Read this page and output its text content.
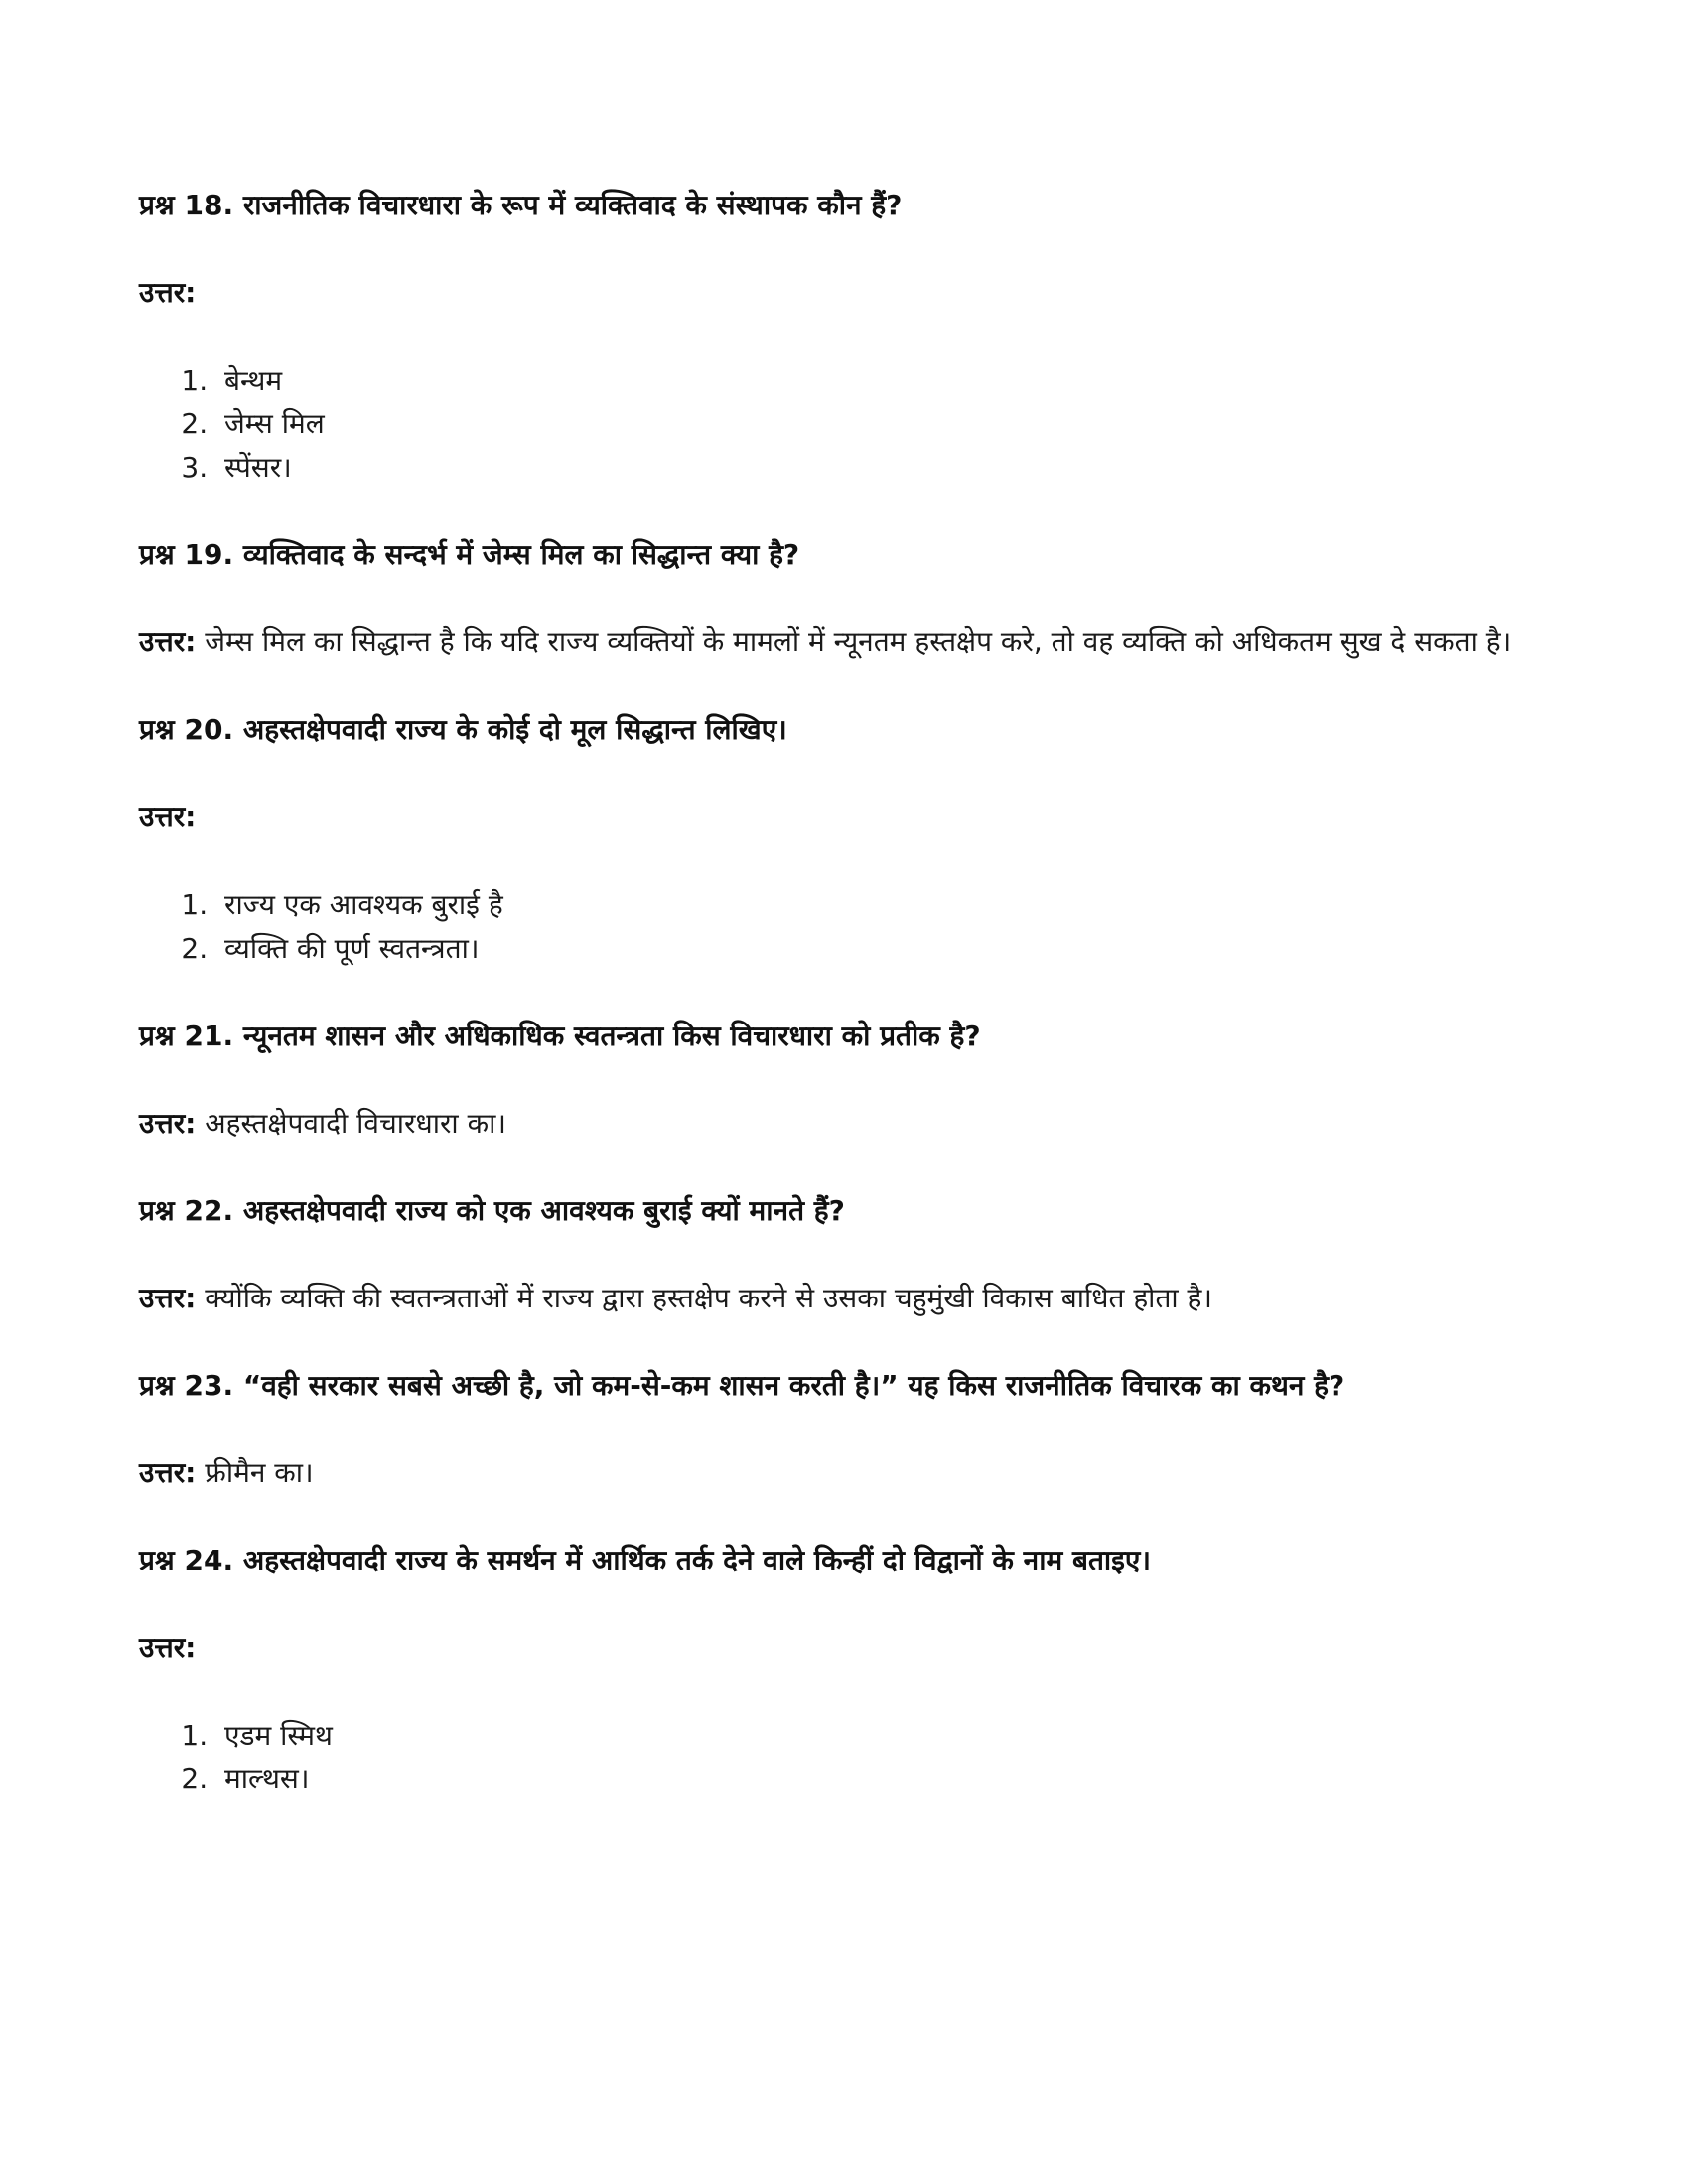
प्रश्न 18. राजनीतिक विचारधारा के रूप में व्यक्तिवाद के संस्थापक कौन हैं?

उत्तर:

1. बेन्थम
2. जेम्स मिल
3. स्पेंसर।
प्रश्न 19. व्यक्तिवाद के सन्दर्भ में जेम्स मिल का सिद्धान्त क्या है?

उत्तर: जेम्स मिल का सिद्धान्त है कि यदि राज्य व्यक्तियों के मामलों में न्यूनतम हस्तक्षेप करे, तो वह व्यक्ति को अधिकतम सुख दे सकता है।

प्रश्न 20. अहस्तक्षेपवादी राज्य के कोई दो मूल सिद्धान्त लिखिए।

उत्तर:

1. राज्य एक आवश्यक बुराई है
2. व्यक्ति की पूर्ण स्वतन्त्रता।
प्रश्न 21. न्यूनतम शासन और अधिकाधिक स्वतन्त्रता किस विचारधारा को प्रतीक है?

उत्तर: अहस्तक्षेपवादी विचारधारा का।

प्रश्न 22. अहस्तक्षेपवादी राज्य को एक आवश्यक बुराई क्यों मानते हैं?

उत्तर: क्योंकि व्यक्ति की स्वतन्त्रताओं में राज्य द्वारा हस्तक्षेप करने से उसका चहुमुंखी विकास बाधित होता है।

प्रश्न 23. “वही सरकार सबसे अच्छी है, जो कम-से-कम शासन करती है।” यह किस राजनीतिक विचारक का कथन है?

उत्तर: फ्रीमैन का।

प्रश्न 24. अहस्तक्षेपवादी राज्य के समर्थन में आर्थिक तर्क देने वाले किन्हीं दो विद्वानों के नाम बताइए।

उत्तर:

1. एडम स्मिथ
2. माल्थस।
